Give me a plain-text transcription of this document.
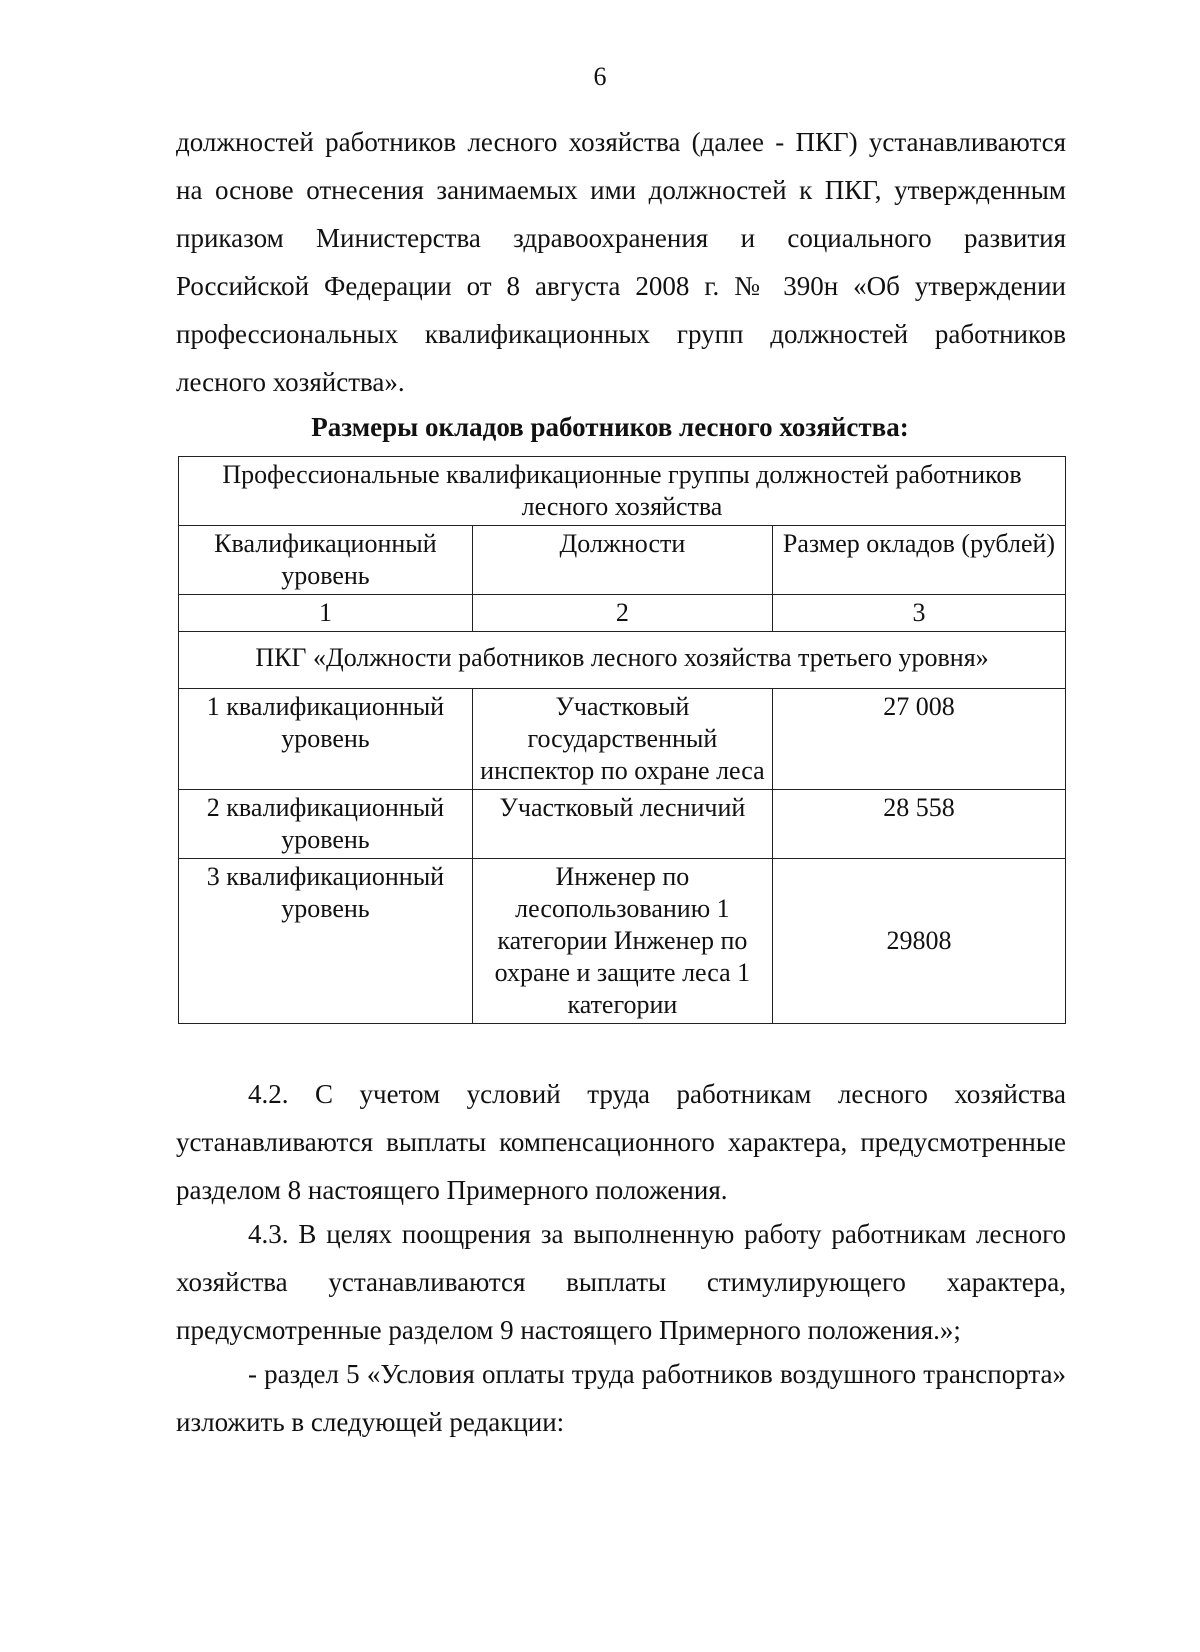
6
должностей работников лесного хозяйства (далее - ПКГ) устанавливаются
на основе отнесения занимаемых ими должностей к ПКГ, утвержденным
приказом Министерства здравоохранения и социального развития
Российской Федерации от 8 августа 2008 г. № 390н «Об утверждении
профессиональных квалификационных групп должностей работников
лесного хозяйства».
Размеры окладов работников лесного хозяйства:
Профессиональные квалификационные группы должностей работников лесного хозяйства		
Квалификационный уровень	Должности	Размер окладов (рублей)
1	2	3
ПКГ «Должности работников лесного хозяйства третьего уровня»		
1 квалификационный уровень	Участковый государственный инспектор по охране леса	27 008
2 квалификационный уровень	Участковый лесничий	28 558
3 квалификационный уровень	Инженер по лесопользованию 1 категории Инженер по охране и защите леса 1 категории	29808

4.2. С учетом условий труда работникам лесного хозяйства устанавливаются выплаты компенсационного характера, предусмотренные разделом 8 настоящего Примерного положения.

4.3. В целях поощрения за выполненную работу работникам лесного хозяйства устанавливаются выплаты стимулирующего характера, предусмотренные разделом 9 настоящего Примерного положения.»;

- раздел 5 «Условия оплаты труда работников воздушного транспорта» изложить в следующей редакции:
